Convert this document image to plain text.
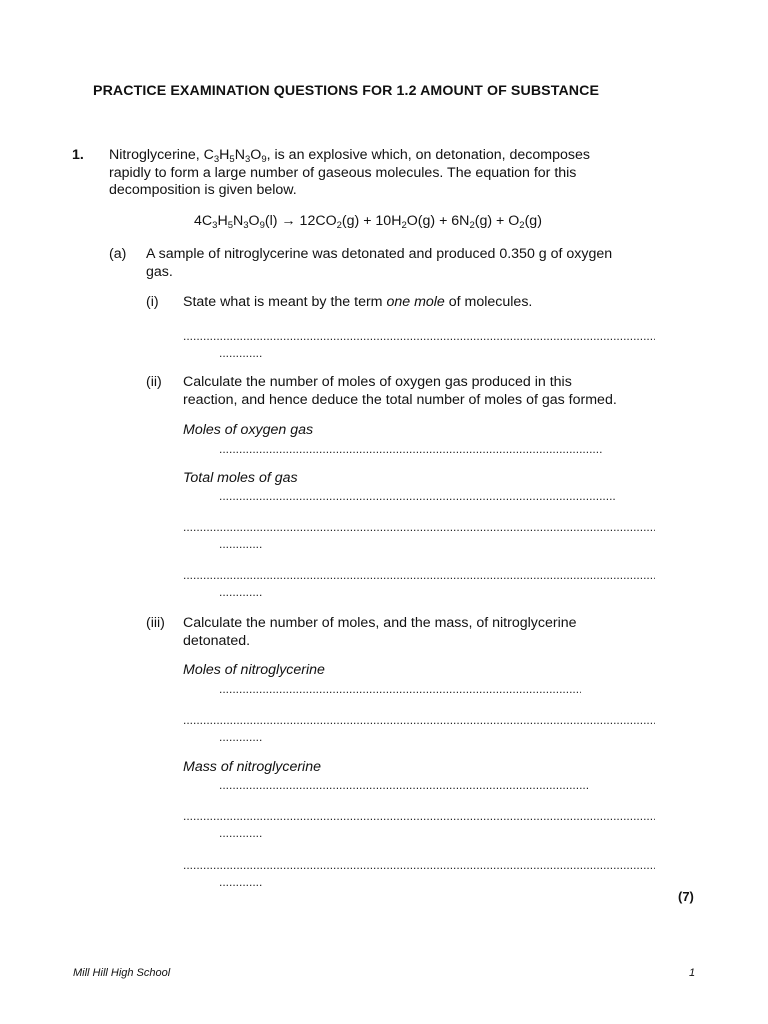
PRACTICE EXAMINATION QUESTIONS FOR 1.2 AMOUNT OF SUBSTANCE
1. Nitroglycerine, $C_3H_5N_3O_9$, is an explosive which, on detonation, decomposes
rapidly to form a large number of gaseous molecules. The equation for this
decomposition is given below.
$4C_3H_5N_3O_9(l) \to 12CO_2(g) + 10H_2O(g) + 6N_2(g) + O_2(g)$
(a) A sample of nitroglycerine was detonated and produced 0.350 g of oxygen
gas.
(i) State what is meant by the term one mole of molecules.
.....
.....
(ii) Calculate the number of moles of oxygen gas produced in this
reaction, and hence deduce the total number of moles of gas formed.
Moles of oxygen gas
.....
Total moles of gas
.....
.....
.....
.....
.....
(iii) Calculate the number of moles, and the mass, of nitroglycerine
detonated.
Moles of nitroglycerine
.....
.....
.....
Mass of nitroglycerine
.....
.....
.....
.....
.....
(7)
Mill Hill High School	1
